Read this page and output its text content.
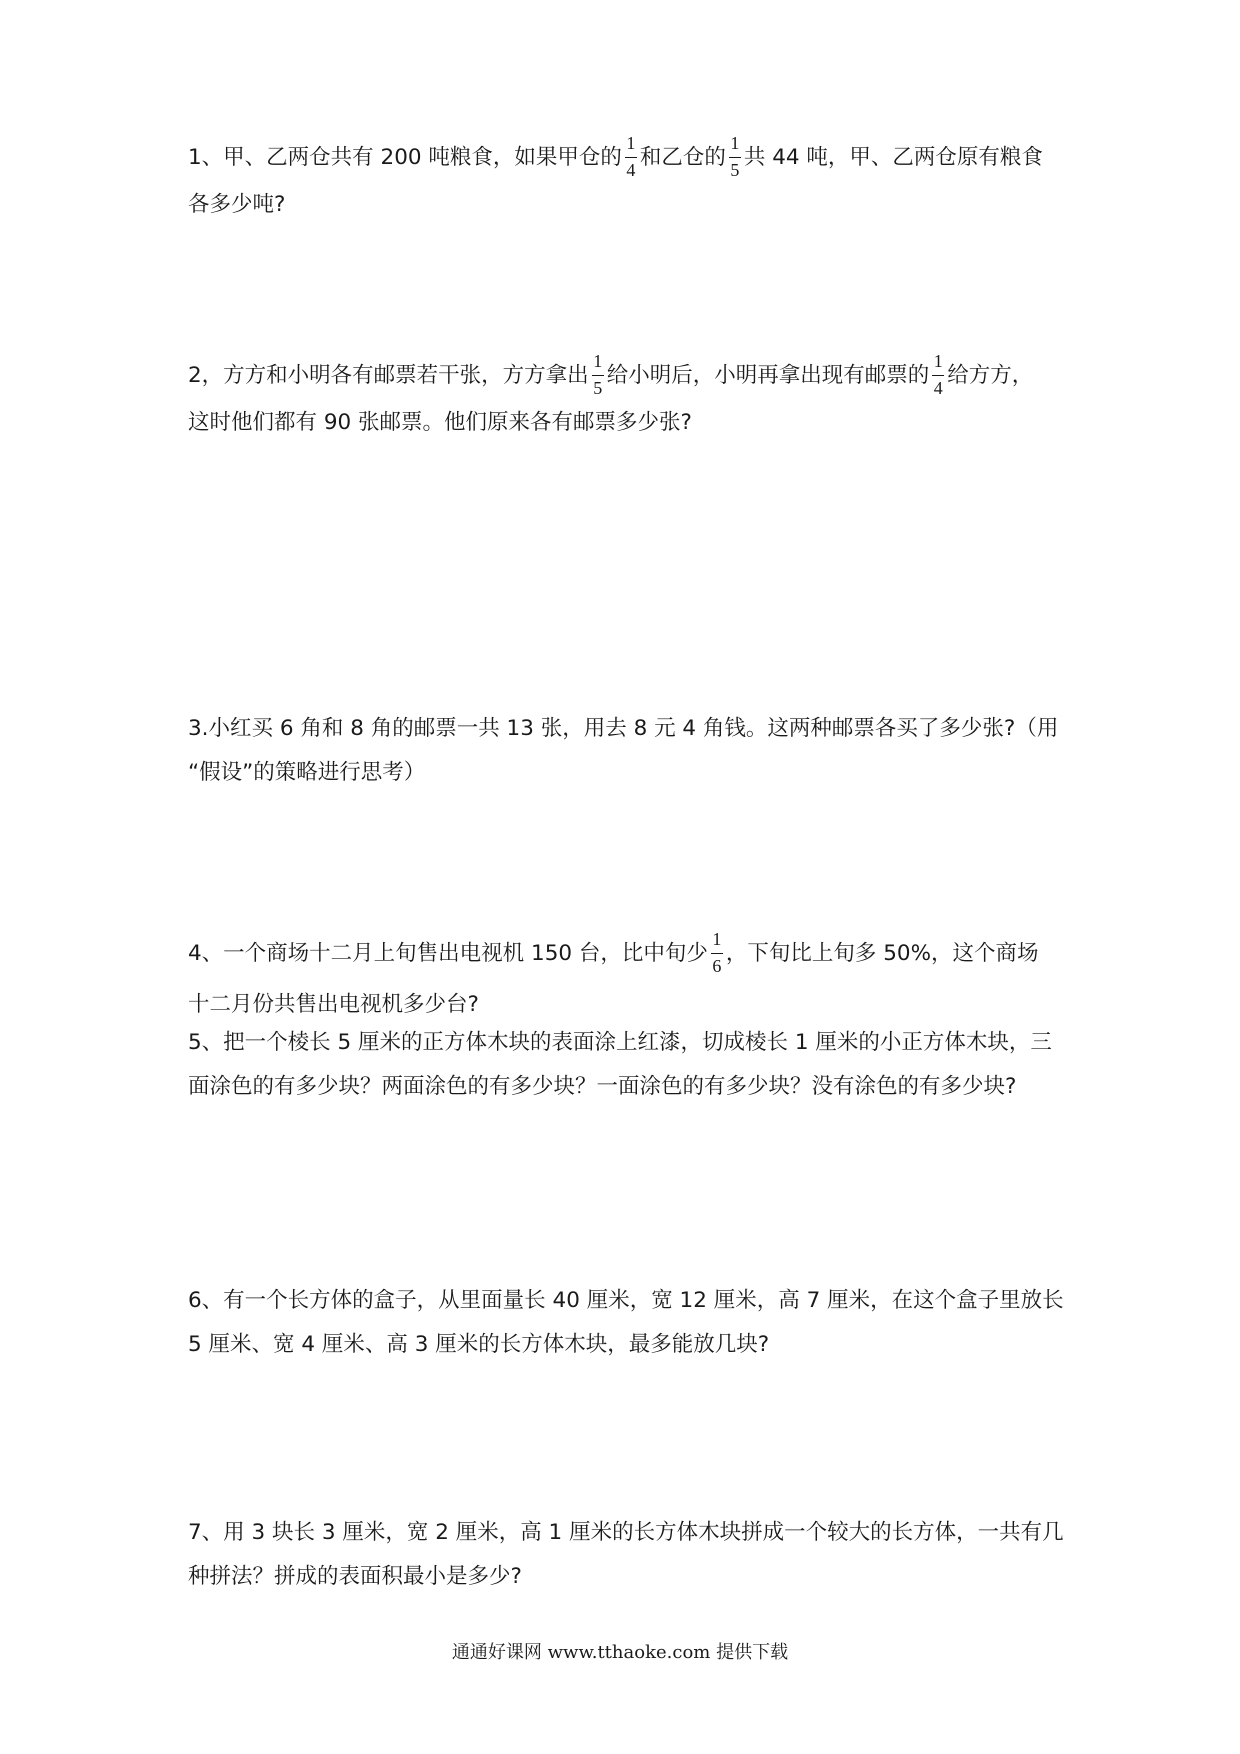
1、甲、乙两仓共有 200 吨粮食，如果甲仓的 $\frac{1}{4}$ 和乙仓的 $\frac{1}{5}$ 共 44 吨，甲、乙两仓原有粮食
各多少吨?
2，方方和小明各有邮票若干张，方方拿出 $\frac{1}{5}$ 给小明后，小明再拿出现有邮票的 $\frac{1}{4}$ 给方方，
这时他们都有 90 张邮票。他们原来各有邮票多少张?
3.小红买 6 角和 8 角的邮票一共 13 张，用去 8 元 4 角钱。这两种邮票各买了多少张?（用
“假设”的策略进行思考）
4、一个商场十二月上旬售出电视机 150 台，比中旬少 $\frac{1}{6}$ ，下旬比上旬多 50%，这个商场
十二月份共售出电视机多少台?
5、把一个棱长 5 厘米的正方体木块的表面涂上红漆，切成棱长 1 厘米的小正方体木块，三
面涂色的有多少块？两面涂色的有多少块？一面涂色的有多少块？没有涂色的有多少块?
6、有一个长方体的盒子，从里面量长 40 厘米，宽 12 厘米，高 7 厘米，在这个盒子里放长
5 厘米、宽 4 厘米、高 3 厘米的长方体木块，最多能放几块?
7、用 3 块长 3 厘米，宽 2 厘米，高 1 厘米的长方体木块拼成一个较大的长方体，一共有几
种拼法？拼成的表面积最小是多少?
通通好课网 www.tthaoke.com 提供下载
